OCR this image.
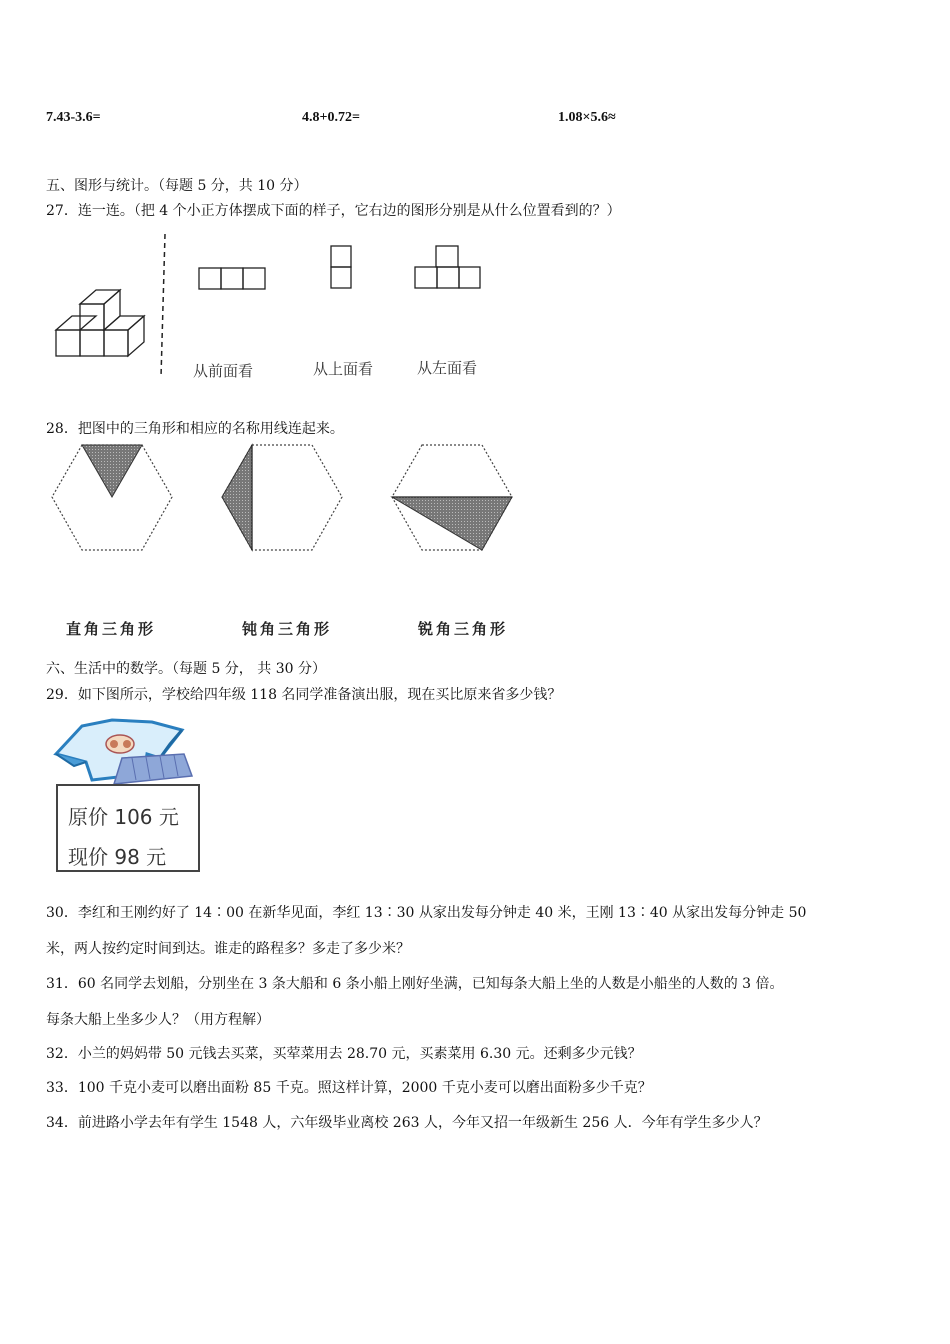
7.43-3.6=	4.8+0.72=	1.08×5.6≈
五、图形与统计。（每题 5 分，共 10 分）
27．连一连。（把 4 个小正方体摆成下面的样子，它右边的图形分别是从什么位置看到的？）
从前面看	从上面看	从左面看
28．把图中的三角形和相应的名称用线连起来。
直角三角形	钝角三角形	锐角三角形
六、生活中的数学。（每题 5 分， 共 30 分）
29．如下图所示，学校给四年级 118 名同学准备演出服，现在买比原来省多少钱？
原价 106 元
现价 98 元
30．李红和王刚约好了 14∶00 在新华见面，李红 13∶30 从家出发每分钟走 40 米，王刚 13∶40 从家出发每分钟走 50
米，两人按约定时间到达。谁走的路程多？多走了多少米？
31．60 名同学去划船，分别坐在 3 条大船和 6 条小船上刚好坐满，已知每条大船上坐的人数是小船坐的人数的 3 倍。
每条大船上坐多少人？（用方程解）
32．小兰的妈妈带 50 元钱去买菜，买荤菜用去 28.70 元，买素菜用 6.30 元。还剩多少元钱？
33．100 千克小麦可以磨出面粉 85 千克。照这样计算，2000 千克小麦可以磨出面粉多少千克？
34．前进路小学去年有学生 1548 人，六年级毕业离校 263 人，今年又招一年级新生 256 人．今年有学生多少人？
